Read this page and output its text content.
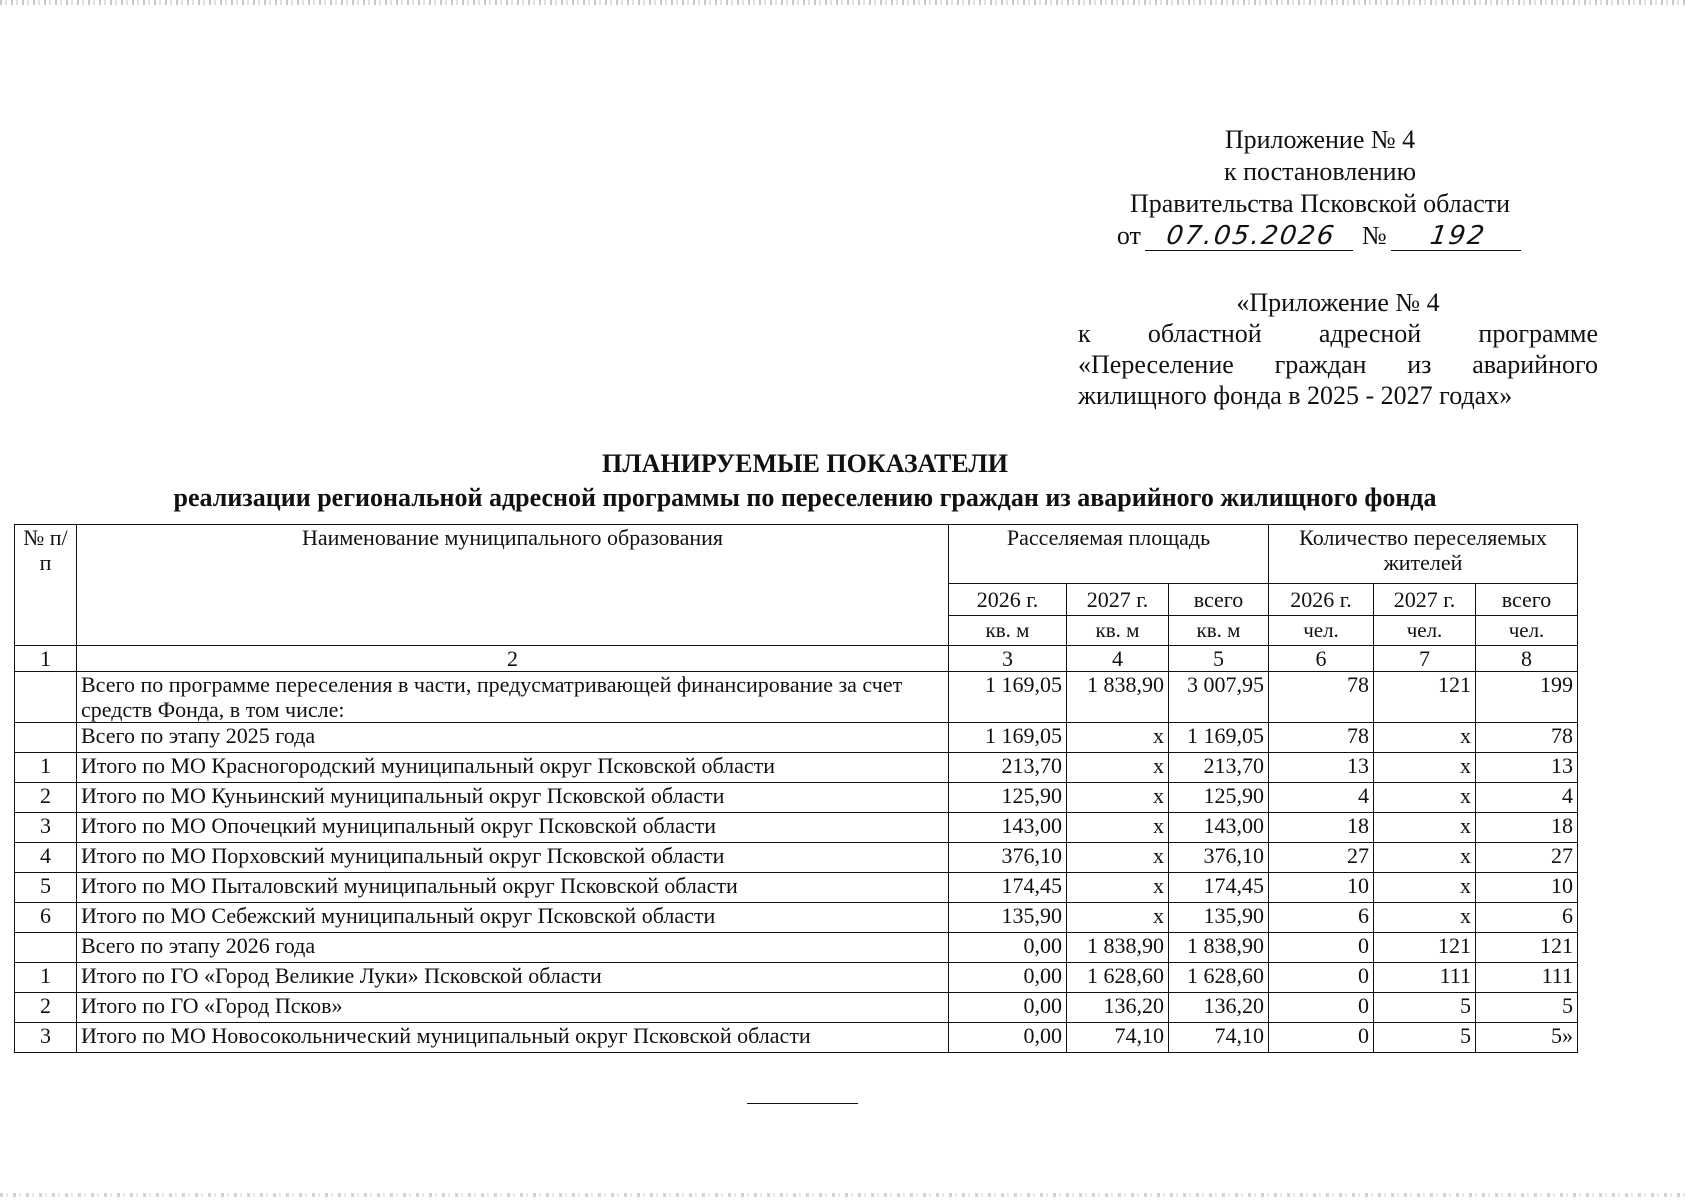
Приложение № 4
к постановлению
Правительства Псковской области
от 07.05.2026 № 192
«Приложение № 4
к областной адресной программе
«Переселение граждан из аварийного
жилищного фонда в 2025 - 2027 годах»
ПЛАНИРУЕМЫЕ ПОКАЗАТЕЛИ
реализации региональной адресной программы по переселению граждан из аварийного жилищного фонда
№ п/п	Наименование муниципального образования	Расселяемая площадь			Количество переселяемых жителей		
		2026 г.	2027 г.	всего	2026 г.	2027 г.	всего
		кв. м	кв. м	кв. м	чел.	чел.	чел.
1	2	3	4	5	6	7	8
	Всего по программе переселения в части, предусматривающей финансирование за счет средств Фонда, в том числе:	1 169,05	1 838,90	3 007,95	78	121	199
	Всего по этапу 2025 года	1 169,05	x	1 169,05	78	x	78
1	Итого по МО Красногородский муниципальный округ Псковской области	213,70	x	213,70	13	x	13
2	Итого по МО Куньинский муниципальный округ Псковской области	125,90	x	125,90	4	x	4
3	Итого по МО Опочецкий муниципальный округ Псковской области	143,00	x	143,00	18	x	18
4	Итого по МО Порховский муниципальный округ Псковской области	376,10	x	376,10	27	x	27
5	Итого по МО Пыталовский муниципальный округ Псковской области	174,45	x	174,45	10	x	10
6	Итого по МО Себежский муниципальный округ Псковской области	135,90	x	135,90	6	x	6
	Всего по этапу 2026 года	0,00	1 838,90	1 838,90	0	121	121
1	Итого по ГО «Город Великие Луки» Псковской области	0,00	1 628,60	1 628,60	0	111	111
2	Итого по ГО «Город Псков»	0,00	136,20	136,20	0	5	5
3	Итого по МО Новосокольнический муниципальный округ Псковской области	0,00	74,10	74,10	0	5	5»
